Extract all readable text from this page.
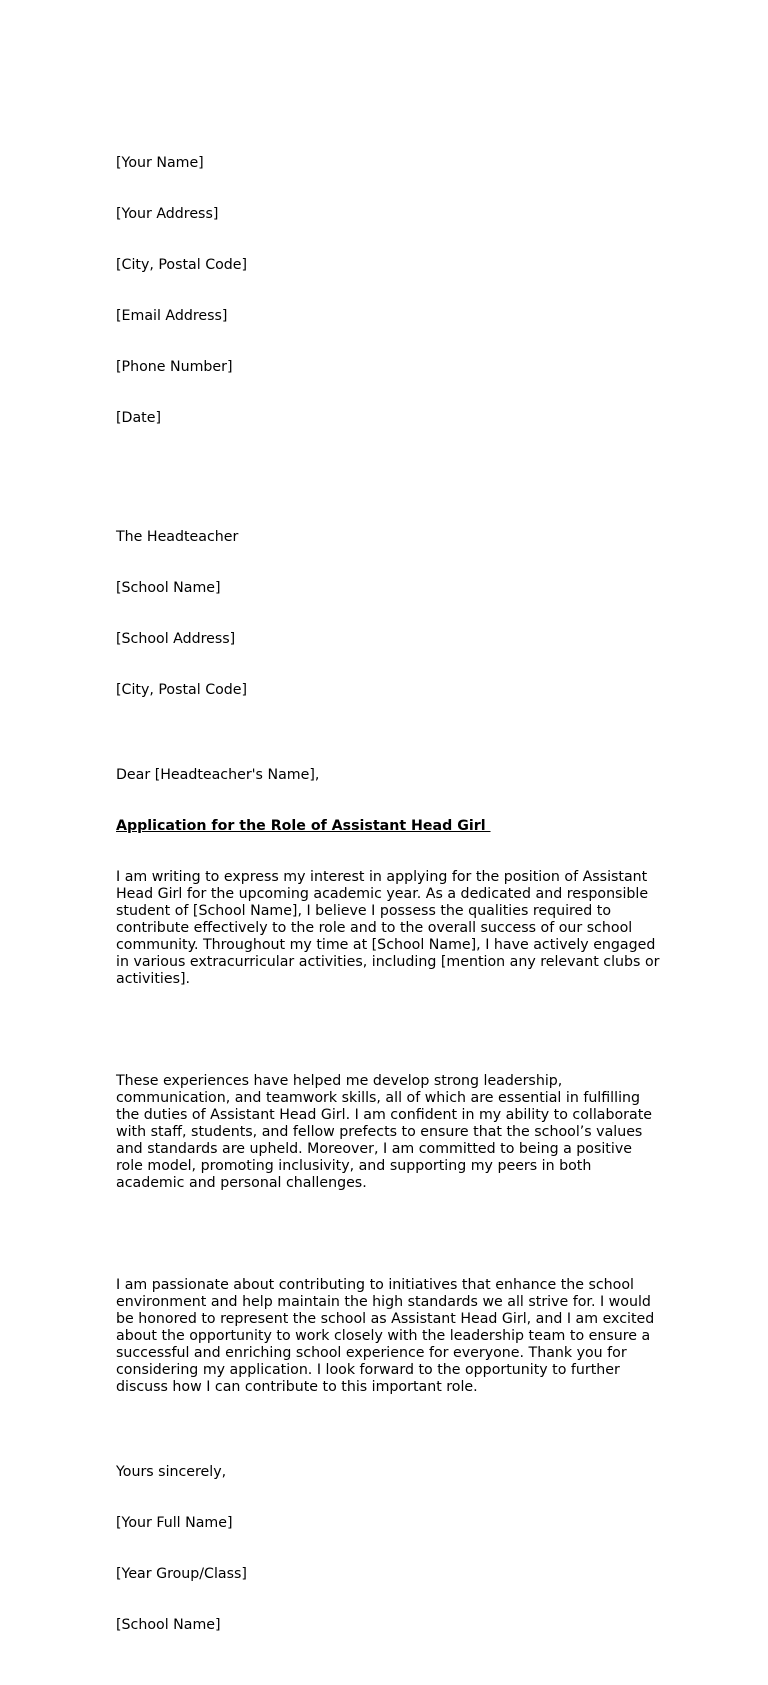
[Your Name]

[Your Address]

[City, Postal Code]

[Email Address]

[Phone Number]

[Date]

The Headteacher

[School Name]

[School Address]

[City, Postal Code]

Dear [Headteacher's Name],

Application for the Role of Assistant Head Girl

I am writing to express my interest in applying for the position of Assistant Head Girl for the upcoming academic year. As a dedicated and responsible student of [School Name], I believe I possess the qualities required to contribute effectively to the role and to the overall success of our school community. Throughout my time at [School Name], I have actively engaged in various extracurricular activities, including [mention any relevant clubs or activities].

These experiences have helped me develop strong leadership, communication, and teamwork skills, all of which are essential in fulfilling the duties of Assistant Head Girl. I am confident in my ability to collaborate with staff, students, and fellow prefects to ensure that the school’s values and standards are upheld. Moreover, I am committed to being a positive role model, promoting inclusivity, and supporting my peers in both academic and personal challenges.

I am passionate about contributing to initiatives that enhance the school environment and help maintain the high standards we all strive for. I would be honored to represent the school as Assistant Head Girl, and I am excited about the opportunity to work closely with the leadership team to ensure a successful and enriching school experience for everyone. Thank you for considering my application. I look forward to the opportunity to further discuss how I can contribute to this important role.

Yours sincerely,

[Your Full Name]

[Year Group/Class]

[School Name]
